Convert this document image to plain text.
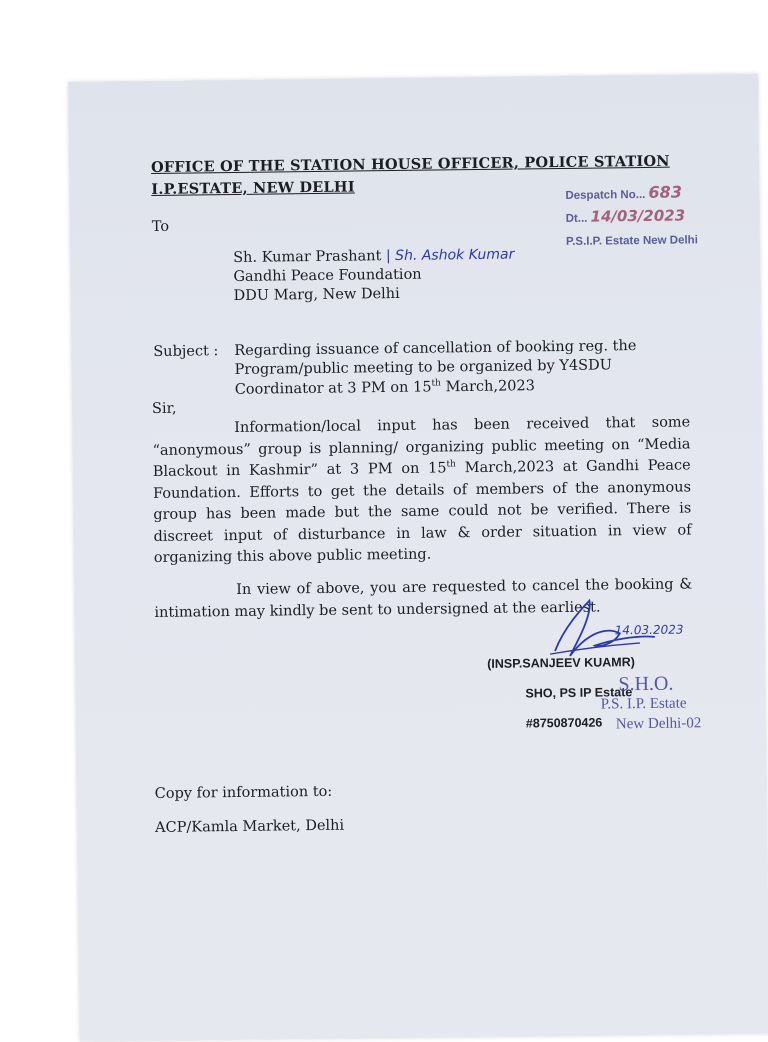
OFFICE OF THE STATION HOUSE OFFICER, POLICE STATION
I.P.ESTATE, NEW DELHI	Despatch No... 683
Dt... 14/03/2023
P.S.I.P. Estate New Delhi
To
Sh. Kumar Prashant | Sh. Ashok Kumar
Gandhi Peace Foundation
DDU Marg, New Delhi
Subject : Regarding issuance of cancellation of booking reg. the
Program/public meeting to be organized by Y4SDU
Coordinator at 3 PM on 15th March,2023
Sir,
Information/local input has been received that some “anonymous” group is planning/ organizing public meeting on “Media Blackout in Kashmir” at 3 PM on 15th March,2023 at Gandhi Peace Foundation. Efforts to get the details of members of the anonymous group has been made but the same could not be verified. There is discreet input of disturbance in law & order situation in view of organizing this above public meeting.
In view of above, you are requested to cancel the booking & intimation may kindly be sent to undersigned at the earliest.
14.03.2023
(INSP.SANJEEV KUAMR)
SHO, PS IP Estate
#8750870426
S.H.O.
P.S. I.P. Estate
New Delhi-02
Copy for information to:
ACP/Kamla Market, Delhi
